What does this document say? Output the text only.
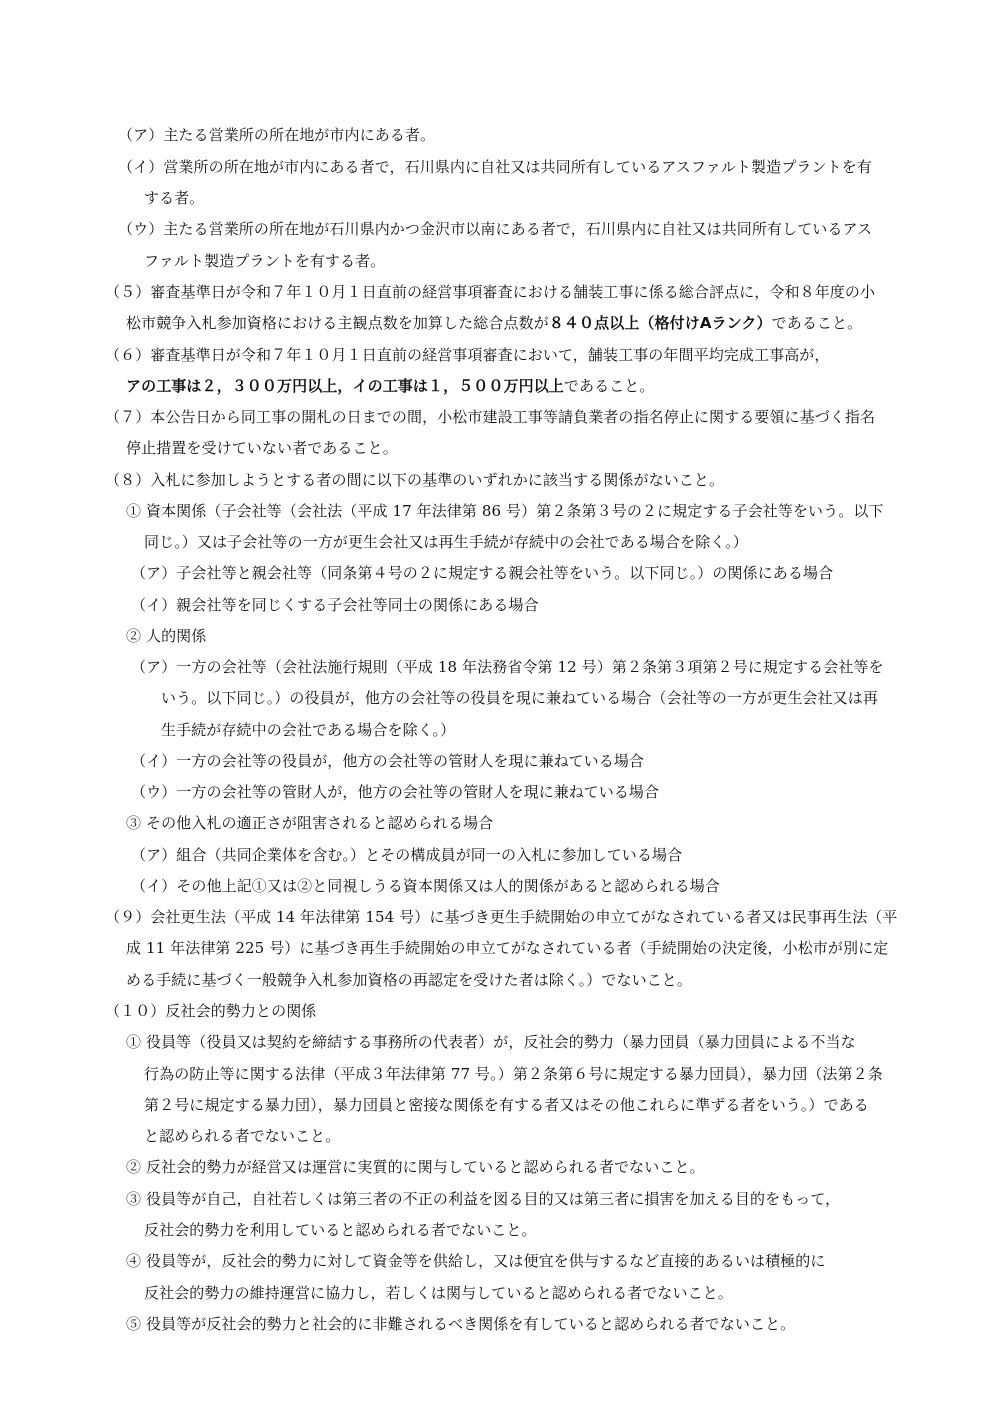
（ア）主たる営業所の所在地が市内にある者。
（イ）営業所の所在地が市内にある者で，石川県内に自社又は共同所有しているアスファルト製造プラントを有
する者。
（ウ）主たる営業所の所在地が石川県内かつ金沢市以南にある者で，石川県内に自社又は共同所有しているアス
ファルト製造プラントを有する者。
（５）審査基準日が令和７年１０月１日直前の経営事項審査における舗装工事に係る総合評点に，令和８年度の小
松市競争入札参加資格における主観点数を加算した総合点数が８４０点以上（格付けAランク）であること。
（６）審査基準日が令和７年１０月１日直前の経営事項審査において，舗装工事の年間平均完成工事高が，
アの工事は２，３００万円以上，イの工事は１，５００万円以上であること。
（７）本公告日から同工事の開札の日までの間，小松市建設工事等請負業者の指名停止に関する要領に基づく指名
停止措置を受けていない者であること。
（８）入札に参加しようとする者の間に以下の基準のいずれかに該当する関係がないこと。
① 資本関係（子会社等（会社法（平成 17 年法律第 86 号）第２条第３号の２に規定する子会社等をいう。以下
同じ。）又は子会社等の一方が更生会社又は再生手続が存続中の会社である場合を除く。）
（ア）子会社等と親会社等（同条第４号の２に規定する親会社等をいう。以下同じ。）の関係にある場合
（イ）親会社等を同じくする子会社等同士の関係にある場合
② 人的関係
（ア）一方の会社等（会社法施行規則（平成 18 年法務省令第 12 号）第２条第３項第２号に規定する会社等を
いう。以下同じ。）の役員が，他方の会社等の役員を現に兼ねている場合（会社等の一方が更生会社又は再
生手続が存続中の会社である場合を除く。）
（イ）一方の会社等の役員が，他方の会社等の管財人を現に兼ねている場合
（ウ）一方の会社等の管財人が，他方の会社等の管財人を現に兼ねている場合
③ その他入札の適正さが阻害されると認められる場合
（ア）組合（共同企業体を含む。）とその構成員が同一の入札に参加している場合
（イ）その他上記①又は②と同視しうる資本関係又は人的関係があると認められる場合
（９）会社更生法（平成 14 年法律第 154 号）に基づき更生手続開始の申立てがなされている者又は民事再生法（平
成 11 年法律第 225 号）に基づき再生手続開始の申立てがなされている者（手続開始の決定後，小松市が別に定
める手続に基づく一般競争入札参加資格の再認定を受けた者は除く。）でないこと。
（１０）反社会的勢力との関係
① 役員等（役員又は契約を締結する事務所の代表者）が，反社会的勢力（暴力団員（暴力団員による不当な
行為の防止等に関する法律（平成３年法律第 77 号。）第２条第６号に規定する暴力団員），暴力団（法第２条
第２号に規定する暴力団），暴力団員と密接な関係を有する者又はその他これらに準ずる者をいう。）である
と認められる者でないこと。
② 反社会的勢力が経営又は運営に実質的に関与していると認められる者でないこと。
③ 役員等が自己，自社若しくは第三者の不正の利益を図る目的又は第三者に損害を加える目的をもって，
反社会的勢力を利用していると認められる者でないこと。
④ 役員等が，反社会的勢力に対して資金等を供給し，又は便宜を供与するなど直接的あるいは積極的に
反社会的勢力の維持運営に協力し，若しくは関与していると認められる者でないこと。
⑤ 役員等が反社会的勢力と社会的に非難されるべき関係を有していると認められる者でないこと。
